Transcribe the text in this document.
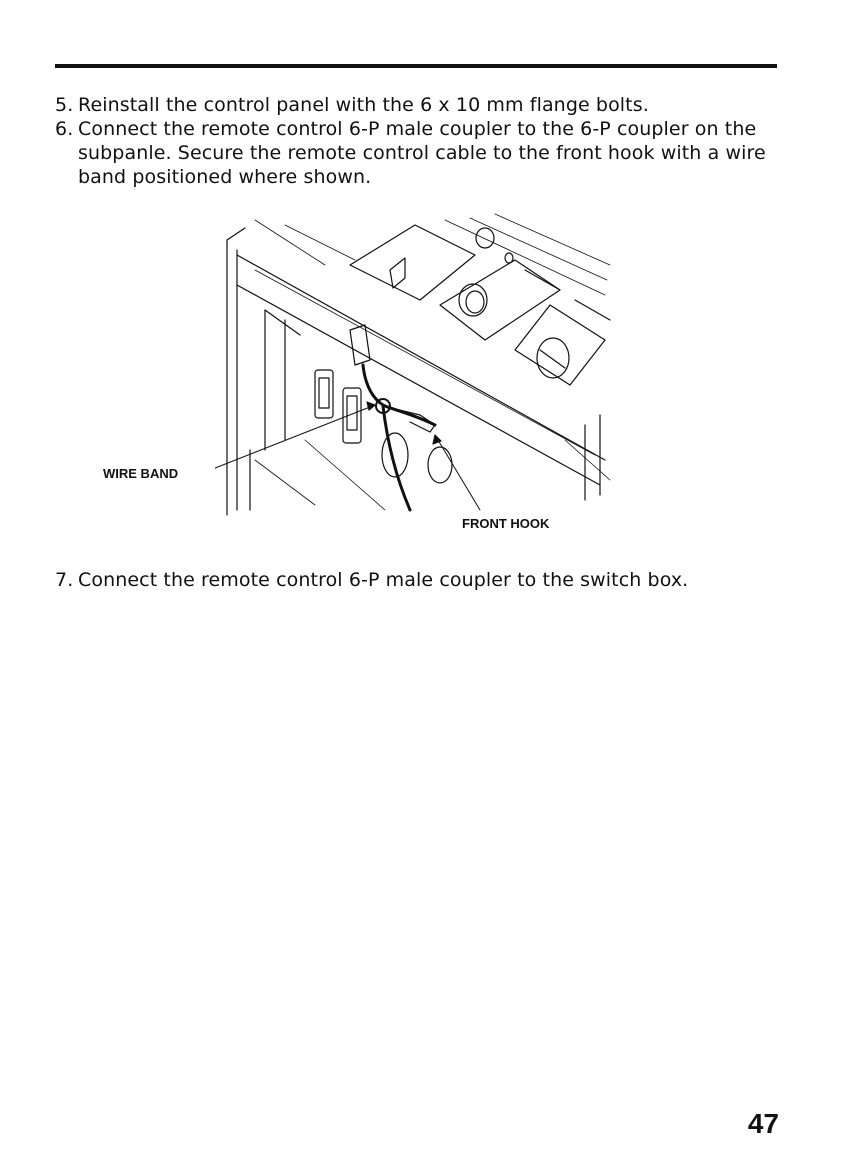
5. Reinstall the control panel with the 6 x 10 mm flange bolts.
6. Connect the remote control 6-P male coupler to the 6-P coupler on the subpanle. Secure the remote control cable to the front hook with a wire band positioned where shown.
WIRE BAND
FRONT HOOK
7. Connect the remote control 6-P male coupler to the switch box.
47
